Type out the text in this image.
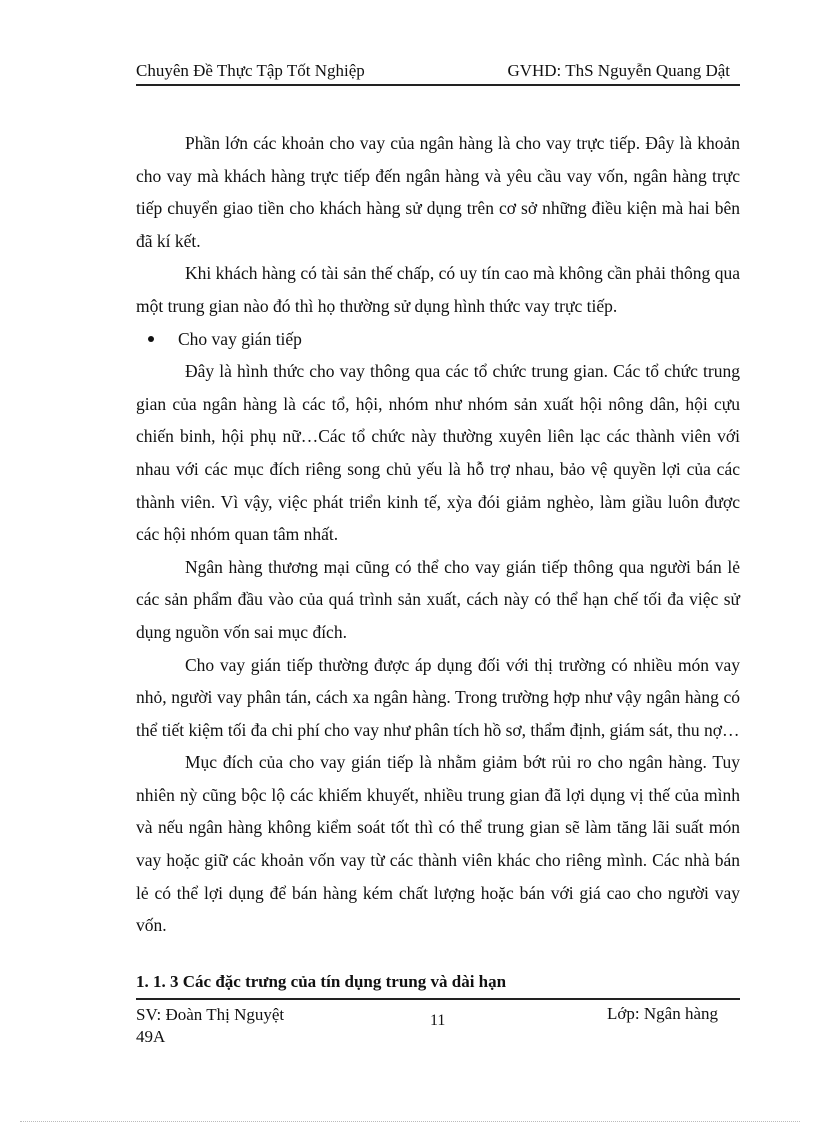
Chuyên Đề Thực Tập Tốt Nghiệp	GVHD: ThS Nguyễn Quang Dật

Phần lớn các khoản cho vay của ngân hàng là cho vay trực tiếp. Đây là khoản cho vay mà khách hàng trực tiếp đến ngân hàng và yêu cầu vay vốn, ngân hàng trực tiếp chuyển giao tiền cho khách hàng sử dụng trên cơ sở những điều kiện mà hai bên đã kí kết.

Khi khách hàng có tài sản thế chấp, có uy tín cao mà không cần phải thông qua một trung gian nào đó thì họ thường sử dụng hình thức vay trực tiếp.

Cho vay gián tiếp

Đây là hình thức cho vay thông qua các tổ chức trung gian. Các tổ chức trung gian của ngân hàng là các tổ, hội, nhóm như nhóm sản xuất hội nông dân, hội cựu chiến binh, hội phụ nữ…Các tổ chức này thường xuyên liên lạc các thành viên với nhau với các mục đích riêng song chủ yếu là hỗ trợ nhau, bảo vệ quyền lợi của các thành viên. Vì vậy, việc phát triển kinh tế, xỳa đói giảm nghèo, làm giầu luôn được các hội nhóm quan tâm nhất.

Ngân hàng thương mại cũng có thể cho vay gián tiếp thông qua người bán lẻ các sản phẩm đầu vào của quá trình sản xuất, cách này có thể hạn chế tối đa việc sử dụng nguồn vốn sai mục đích.

Cho vay gián tiếp thường được áp dụng đối với thị trường có nhiều món vay nhỏ, người vay phân tán, cách xa ngân hàng. Trong trường hợp như vậy ngân hàng có thể tiết kiệm tối đa chi phí cho vay như phân tích hồ sơ, thẩm định, giám sát, thu nợ…

Mục đích của cho vay gián tiếp là nhằm giảm bớt rủi ro cho ngân hàng. Tuy nhiên nỳ cũng bộc lộ các khiếm khuyết, nhiều trung gian đã lợi dụng vị thế của mình và nếu ngân hàng không kiểm soát tốt thì có thể trung gian sẽ làm tăng lãi suất món vay hoặc giữ các khoản vốn vay từ các thành viên khác cho riêng mình. Các nhà bán lẻ có thể lợi dụng để bán hàng kém chất lượng hoặc bán với giá cao cho người vay vốn.

1. 1. 3 Các đặc trưng của tín dụng trung và dài hạn
SV: Đoàn Thị Nguyệt
49A
11	Lớp: Ngân hàng
